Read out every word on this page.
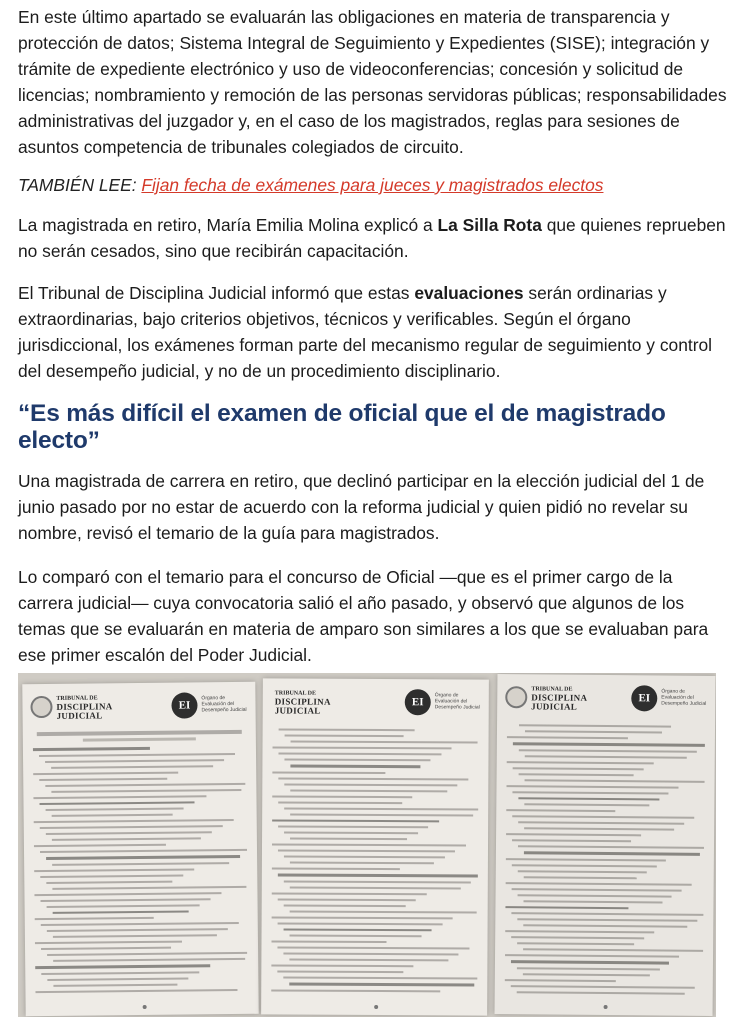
En este último apartado se evaluarán las obligaciones en materia de transparencia y protección de datos; Sistema Integral de Seguimiento y Expedientes (SISE); integración y trámite de expediente electrónico y uso de videoconferencias; concesión y solicitud de licencias; nombramiento y remoción de las personas servidoras públicas; responsabilidades administrativas del juzgador y, en el caso de los magistrados, reglas para sesiones de asuntos competencia de tribunales colegiados de circuito.

TAMBIÉN LEE: Fijan fecha de exámenes para jueces y magistrados electos

La magistrada en retiro, María Emilia Molina explicó a La Silla Rota que quienes reprueben no serán cesados, sino que recibirán capacitación.

El Tribunal de Disciplina Judicial informó que estas evaluaciones serán ordinarias y extraordinarias, bajo criterios objetivos, técnicos y verificables. Según el órgano jurisdiccional, los exámenes forman parte del mecanismo regular de seguimiento y control del desempeño judicial, y no de un procedimiento disciplinario.

“Es más difícil el examen de oficial que el de magistrado electo”

Una magistrada de carrera en retiro, que declinó participar en la elección judicial del 1 de junio pasado por no estar de acuerdo con la reforma judicial y quien pidió no revelar su nombre, revisó el temario de la guía para magistrados.

Lo comparó con el temario para el concurso de Oficial —que es el primer cargo de la carrera judicial— cuya convocatoria salió el año pasado, y observó que algunos de los temas que se evaluarán en materia de amparo son similares a los que se evaluaban para ese primer escalón del Poder Judicial.

TRIBUNAL DE
DISCIPLINA
JUDICIAL
EI
Órgano de Evaluación del Desempeño Judicial
TRIBUNAL DE
DISCIPLINA
JUDICIAL
EI
Órgano de Evaluación del Desempeño Judicial
TRIBUNAL DE
DISCIPLINA
JUDICIAL
EI
Órgano de Evaluación del Desempeño Judicial
